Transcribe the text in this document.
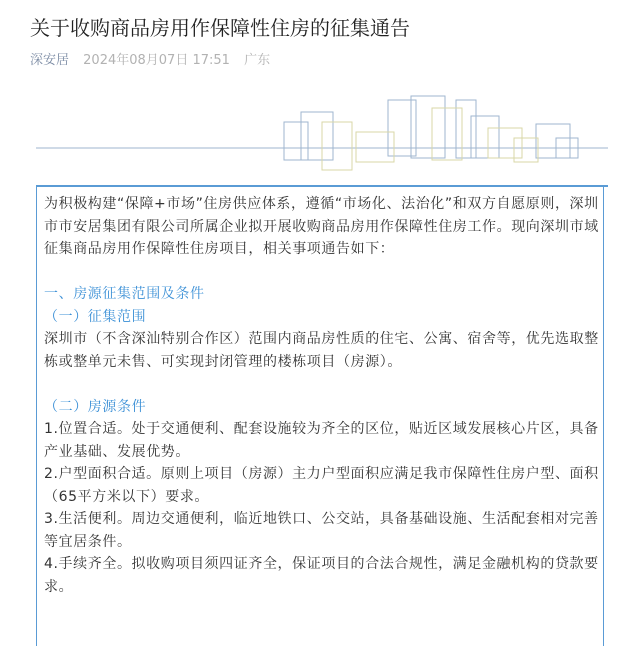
关于收购商品房用作保障性住房的征集通告
深安居 2024年08月07日 17:51 广东

为积极构建“保障+市场”住房供应体系，遵循“市场化、法治化”和双方自愿原则，深圳市市安居集团有限公司所属企业拟开展收购商品房用作保障性住房工作。现向深圳市域征集商品房用作保障性住房项目，相关事项通告如下：

一、房源征集范围及条件

（一）征集范围

深圳市（不含深汕特别合作区）范围内商品房性质的住宅、公寓、宿舍等，优先选取整栋或整单元未售、可实现封闭管理的楼栋项目（房源）。

（二）房源条件

1.位置合适。处于交通便利、配套设施较为齐全的区位，贴近区域发展核心片区，具备产业基础、发展优势。

2.户型面积合适。原则上项目（房源）主力户型面积应满足我市保障性住房户型、面积（65平方米以下）要求。

3.生活便利。周边交通便利，临近地铁口、公交站，具备基础设施、生活配套相对完善等宜居条件。

4.手续齐全。拟收购项目须四证齐全，保证项目的合法合规性，满足金融机构的贷款要求。
